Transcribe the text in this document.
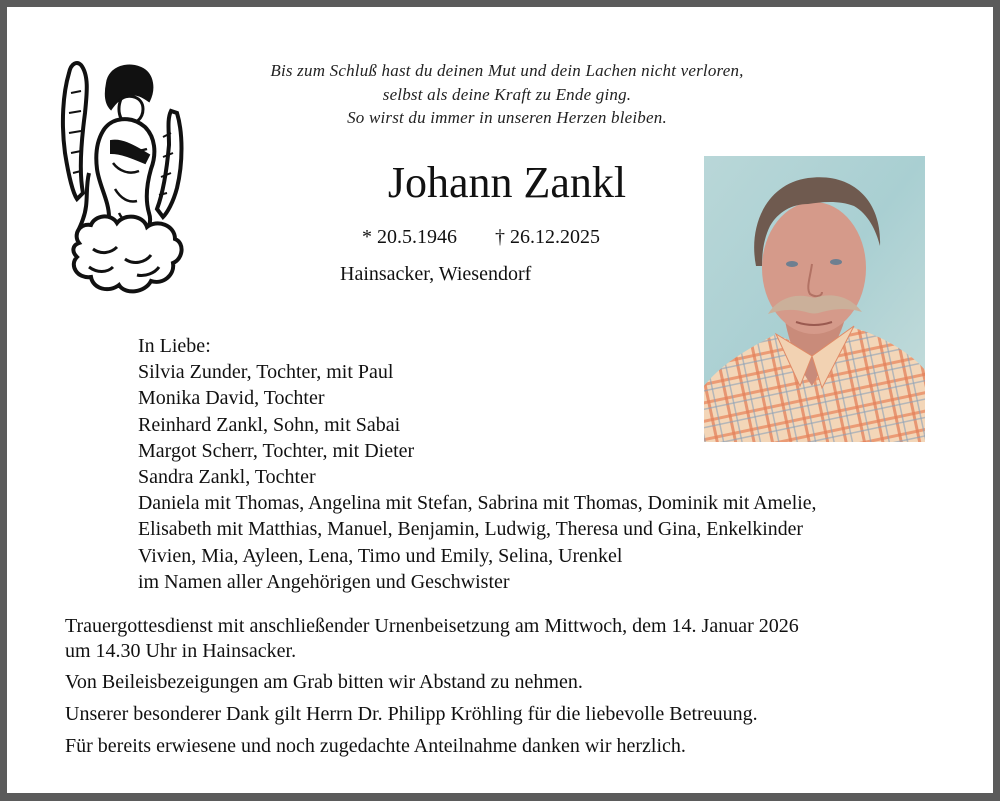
Bis zum Schluß hast du deinen Mut und dein Lachen nicht verloren,
selbst als deine Kraft zu Ende ging.
So wirst du immer in unseren Herzen bleiben.
Johann Zankl
* 20.5.1946 † 26.12.2025
Hainsacker, Wiesendorf
In Liebe:
Silvia Zunder, Tochter, mit Paul
Monika David, Tochter
Reinhard Zankl, Sohn, mit Sabai
Margot Scherr, Tochter, mit Dieter
Sandra Zankl, Tochter
Daniela mit Thomas, Angelina mit Stefan, Sabrina mit Thomas, Dominik mit Amelie,
Elisabeth mit Matthias, Manuel, Benjamin, Ludwig, Theresa und Gina, Enkelkinder
Vivien, Mia, Ayleen, Lena, Timo und Emily, Selina, Urenkel
im Namen aller Angehörigen und Geschwister

Trauergottesdienst mit anschließender Urnenbeisetzung am Mittwoch, dem 14. Januar 2026
um 14.30 Uhr in Hainsacker.

Von Beileisbezeigungen am Grab bitten wir Abstand zu nehmen.

Unserer besonderer Dank gilt Herrn Dr. Philipp Kröhling für die liebevolle Betreuung.

Für bereits erwiesene und noch zugedachte Anteilnahme danken wir herzlich.
